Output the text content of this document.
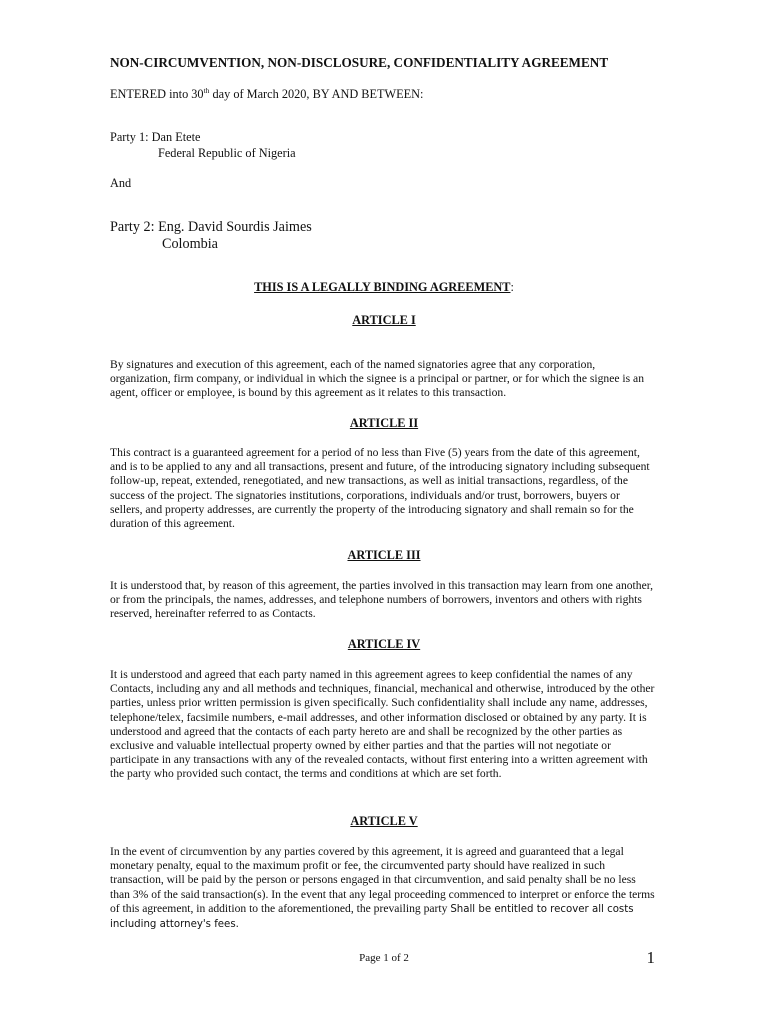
NON-CIRCUMVENTION, NON-DISCLOSURE, CONFIDENTIALITY AGREEMENT
ENTERED into 30th day of March 2020, BY AND BETWEEN:
Party 1: Dan Etete
Federal Republic of Nigeria
And
Party 2: Eng. David Sourdis Jaimes
Colombia
THIS IS A LEGALLY BINDING AGREEMENT:
ARTICLE I

By signatures and execution of this agreement, each of the named signatories agree that any corporation, organization, firm company, or individual in which the signee is a principal or partner, or for which the signee is an agent, officer or employee, is bound by this agreement as it relates to this transaction.

ARTICLE II

This contract is a guaranteed agreement for a period of no less than Five (5) years from the date of this agreement, and is to be applied to any and all transactions, present and future, of the introducing signatory including subsequent follow-up, repeat, extended, renegotiated, and new transactions, as well as initial transactions, regardless, of the success of the project. The signatories institutions, corporations, individuals and/or trust, borrowers, buyers or sellers, and property addresses, are currently the property of the introducing signatory and shall remain so for the duration of this agreement.

ARTICLE III

It is understood that, by reason of this agreement, the parties involved in this transaction may learn from one another, or from the principals, the names, addresses, and telephone numbers of borrowers, inventors and others with rights reserved, hereinafter referred to as Contacts.

ARTICLE IV

It is understood and agreed that each party named in this agreement agrees to keep confidential the names of any Contacts, including any and all methods and techniques, financial, mechanical and otherwise, introduced by the other parties, unless prior written permission is given specifically. Such confidentiality shall include any name, addresses, telephone/telex, facsimile numbers, e-mail addresses, and other information disclosed or obtained by any party. It is understood and agreed that the contacts of each party hereto are and shall be recognized by the other parties as exclusive and valuable intellectual property owned by either parties and that the parties will not negotiate or participate in any transactions with any of the revealed contacts, without first entering into a written agreement with the party who provided such contact, the terms and conditions at which are set forth.

ARTICLE V

In the event of circumvention by any parties covered by this agreement, it is agreed and guaranteed that a legal monetary penalty, equal to the maximum profit or fee, the circumvented party should have realized in such transaction, will be paid by the person or persons engaged in that circumvention, and said penalty shall be no less than 3% of the said transaction(s). In the event that any legal proceeding commenced to interpret or enforce the terms of this agreement, in addition to the aforementioned, the prevailing party Shall be entitled to recover all costs including attorney's fees.

Page 1 of 2	1
